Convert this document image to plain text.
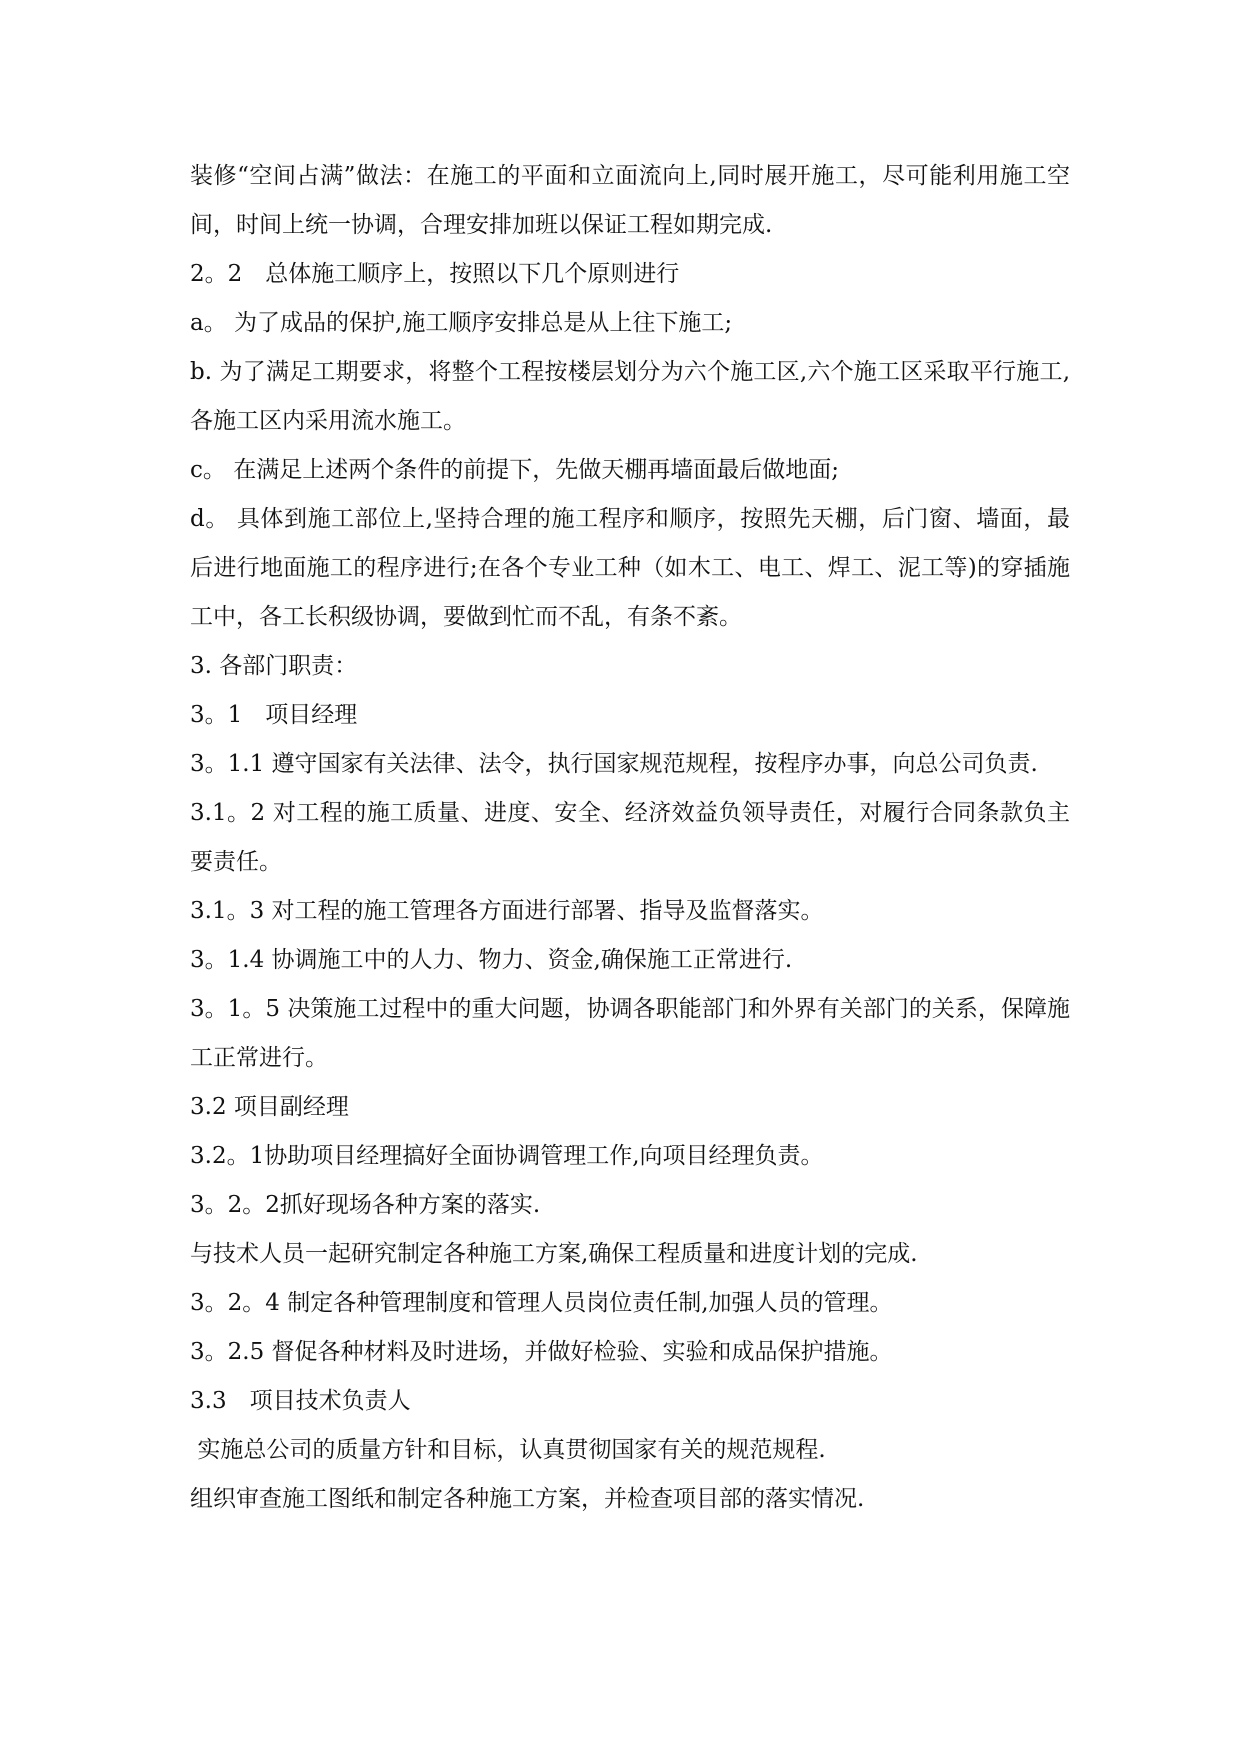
装修“空间占满”做法：在施工的平面和立面流向上,同时展开施工，尽可能利用施工空间，时间上统一协调，合理安排加班以保证工程如期完成.

2。2　总体施工顺序上，按照以下几个原则进行

a。 为了成品的保护,施工顺序安排总是从上往下施工;

b. 为了满足工期要求，将整个工程按楼层划分为六个施工区,六个施工区采取平行施工,各施工区内采用流水施工。

c。 在满足上述两个条件的前提下，先做天棚再墙面最后做地面;

d。 具体到施工部位上,坚持合理的施工程序和顺序，按照先天棚，后门窗、墙面，最后进行地面施工的程序进行;在各个专业工种（如木工、电工、焊工、泥工等)的穿插施工中，各工长积级协调，要做到忙而不乱，有条不紊。

3. 各部门职责：

3。1　项目经理

3。1.1 遵守国家有关法律、法令，执行国家规范规程，按程序办事，向总公司负责.

3.1。2 对工程的施工质量、进度、安全、经济效益负领导责任，对履行合同条款负主要责任。

3.1。3 对工程的施工管理各方面进行部署、指导及监督落实。

3。1.4 协调施工中的人力、物力、资金,确保施工正常进行.

3。1。5 决策施工过程中的重大问题，协调各职能部门和外界有关部门的关系，保障施工正常进行。

3.2 项目副经理

3.2。1协助项目经理搞好全面协调管理工作,向项目经理负责。

3。2。2抓好现场各种方案的落实.

与技术人员一起研究制定各种施工方案,确保工程质量和进度计划的完成.

3。2。4 制定各种管理制度和管理人员岗位责任制,加强人员的管理。

3。2.5 督促各种材料及时进场，并做好检验、实验和成品保护措施。

3.3　项目技术负责人

实施总公司的质量方针和目标，认真贯彻国家有关的规范规程.

组织审查施工图纸和制定各种施工方案，并检查项目部的落实情况.
